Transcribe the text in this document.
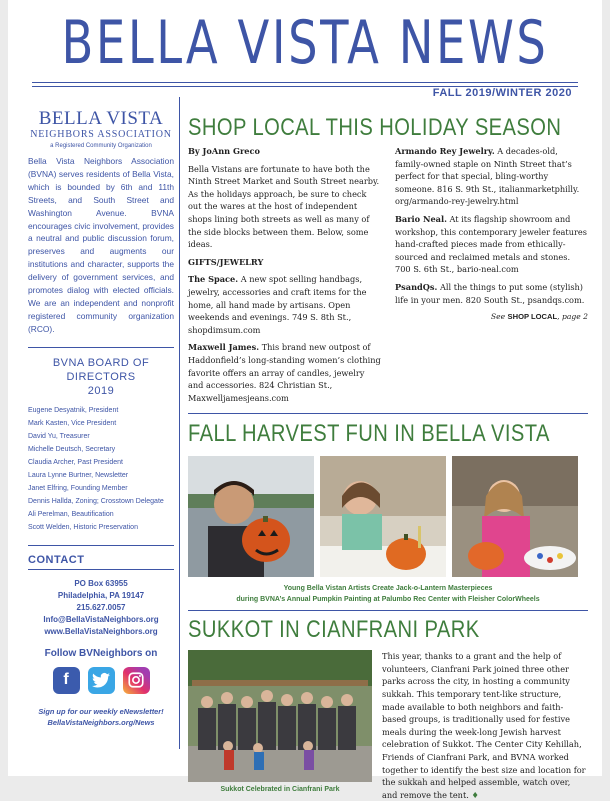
BELLA VISTA NEWS
FALL 2019/WINTER 2020
BELLA VISTA
NEIGHBORS ASSOCIATION
a Registered Community Organization
Bella Vista Neighbors Association (BVNA) serves residents of Bella Vista, which is bounded by 6th and 11th Streets, and South Street and Washington Avenue. BVNA encourages civic involvement, provides a neutral and public discussion forum, preserves and augments our institutions and character, supports the delivery of government services, and promotes dialog with elected officials. We are an independent and nonprofit registered community organization (RCO).
BVNA BOARD OF DIRECTORS
2019
Eugene Desyatnik, President
Mark Kasten, Vice President
David Yu, Treasurer
Michelle Deutsch, Secretary
Claudia Archer, Past President
Laura Lynne Burtner, Newsletter
Janet Elfring, Founding Member
Dennis Hallda, Zoning; Crosstown Delegate
Ali Perelman, Beautification
Scott Welden, Historic Preservation
CONTACT
PO Box 63955
Philadelphia, PA 19147
215.627.0057
Info@BellaVistaNeighbors.org
www.BellaVistaNeighbors.org
Follow BVNeighbors on
f
Sign up for our weekly eNewsletter!
BellaVistaNeighbors.org/News
SHOP LOCAL THIS HOLIDAY SEASON
By JoAnn Greco

Bella Vistans are fortunate to have both the Ninth Street Market and South Street nearby. As the holidays approach, be sure to check out the wares at the host of independent shops lining both streets as well as many of the side blocks between them. Below, some ideas.

GIFTS/JEWELRY

The Space. A new spot selling handbags, jewelry, accessories and craft items for the home, all hand made by artisans. Open weekends and evenings. 749 S. 8th St., shopdimsum.com

Maxwell James. This brand new outpost of Haddonfield’s long-standing women’s clothing favorite offers an array of candles, jewelry and accessories. 824 Christian St., Maxwelljamesjeans.com

Armando Rey Jewelry. A decades-old, family-owned staple on Ninth Street that’s perfect for that special, bling-worthy someone. 816 S. 9th St., italianmarketphilly. org/armando-rey-jewelry.html

Bario Neal. At its flagship showroom and workshop, this contemporary jeweler features hand-crafted pieces made from ethically-sourced and reclaimed metals and stones. 700 S. 6th St., bario-neal.com

PsandQs. All the things to put some (stylish) life in your men. 820 South St., psandqs.com.

See SHOP LOCAL, page 2
FALL HARVEST FUN IN BELLA VISTA
Young Bella Vistan Artists Create Jack-o-Lantern Masterpieces
during BVNA’s Annual Pumpkin Painting at Palumbo Rec Center with Fleisher ColorWheels
SUKKOT IN CIANFRANI PARK
Sukkot Celebrated in Cianfrani Park
This year, thanks to a grant and the help of volunteers, Cianfrani Park joined three other parks across the city, in hosting a community sukkah. This temporary tent-like structure, made available to both neighbors and faith-based groups, is traditionally used for festive meals during the week-long Jewish harvest celebration of Sukkot. The Center City Kehillah, Friends of Cianfrani Park, and BVNA worked together to identify the best size and location for the sukkah and helped assemble, watch over, and remove the tent. ♦
